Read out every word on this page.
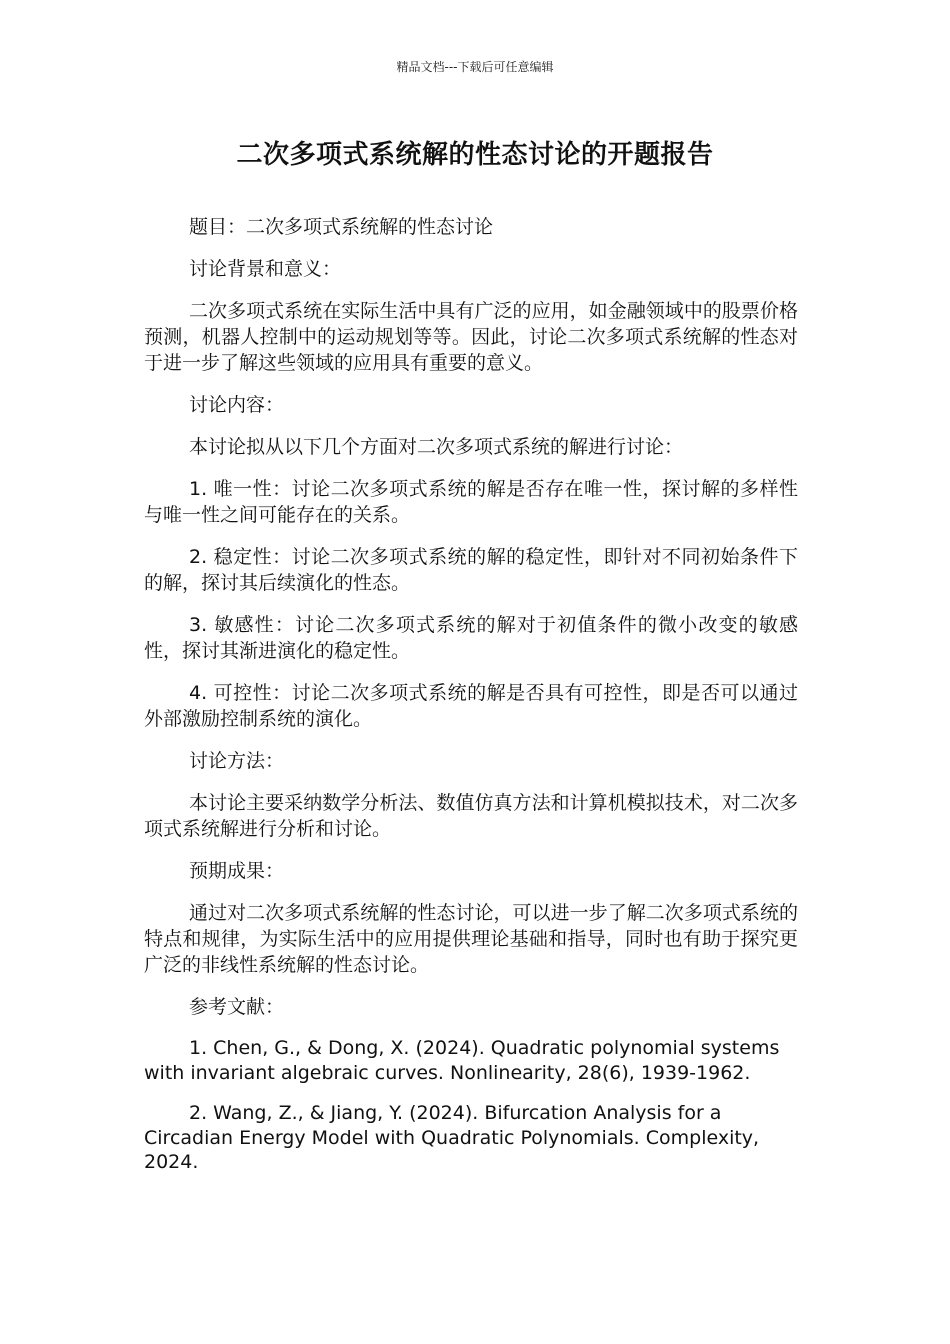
精品文档---下载后可任意编辑
二次多项式系统解的性态讨论的开题报告

题目：二次多项式系统解的性态讨论

讨论背景和意义：

二次多项式系统在实际生活中具有广泛的应用，如金融领域中的股票价格预测，机器人控制中的运动规划等等。因此，讨论二次多项式系统解的性态对于进一步了解这些领域的应用具有重要的意义。

讨论内容：

本讨论拟从以下几个方面对二次多项式系统的解进行讨论：

1. 唯一性：讨论二次多项式系统的解是否存在唯一性，探讨解的多样性与唯一性之间可能存在的关系。

2. 稳定性：讨论二次多项式系统的解的稳定性，即针对不同初始条件下的解，探讨其后续演化的性态。

3. 敏感性：讨论二次多项式系统的解对于初值条件的微小改变的敏感性，探讨其渐进演化的稳定性。

4. 可控性：讨论二次多项式系统的解是否具有可控性，即是否可以通过外部激励控制系统的演化。

讨论方法：

本讨论主要采纳数学分析法、数值仿真方法和计算机模拟技术，对二次多项式系统解进行分析和讨论。

预期成果：

通过对二次多项式系统解的性态讨论，可以进一步了解二次多项式系统的特点和规律，为实际生活中的应用提供理论基础和指导，同时也有助于探究更广泛的非线性系统解的性态讨论。

参考文献：

1. Chen, G., & Dong, X. (2024). Quadratic polynomial systems with invariant algebraic curves. Nonlinearity, 28(6), 1939-1962.

2. Wang, Z., & Jiang, Y. (2024). Bifurcation Analysis for a Circadian Energy Model with Quadratic Polynomials. Complexity, 2024.
